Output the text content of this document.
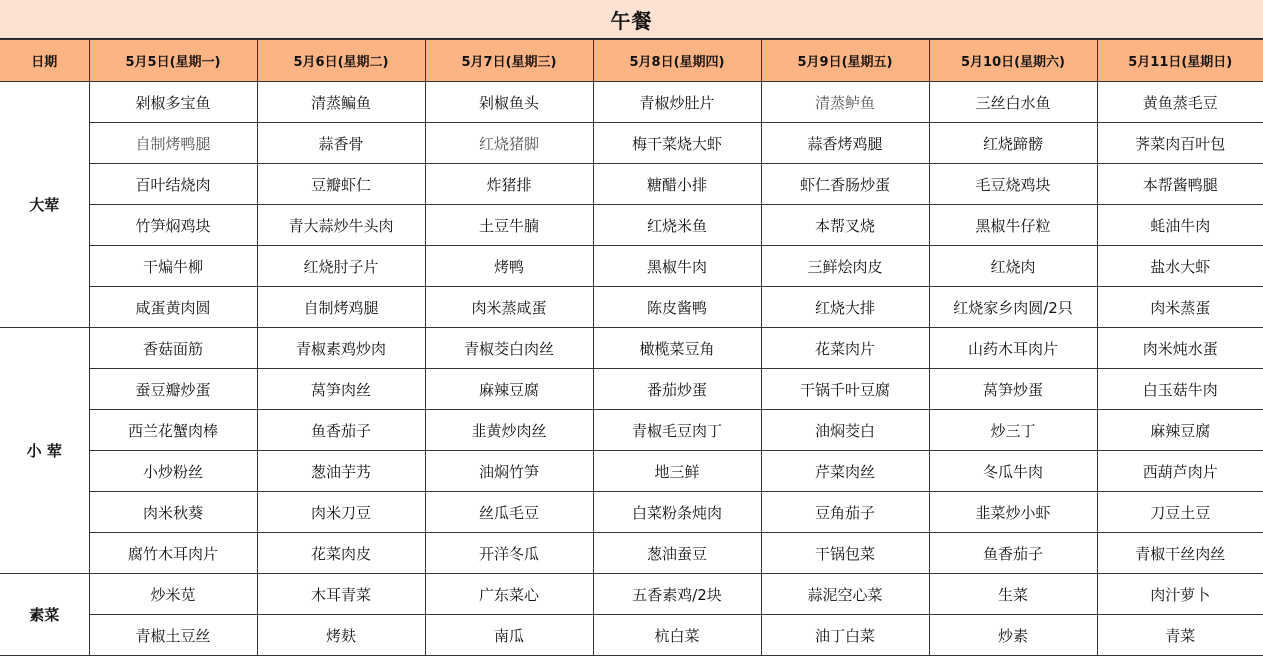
午餐
日期	5月5日(星期一)	5月6日(星期二)	5月7日(星期三)	5月8日(星期四)	5月9日(星期五)	5月10日(星期六)	5月11日(星期日)
大荤	剁椒多宝鱼	清蒸鳊鱼	剁椒鱼头	青椒炒肚片	清蒸鲈鱼	三丝白水鱼	黄鱼蒸毛豆
	自制烤鸭腿	蒜香骨	红烧猪脚	梅干菜烧大虾	蒜香烤鸡腿	红烧蹄髈	荠菜肉百叶包
	百叶结烧肉	豆瓣虾仁	炸猪排	糖醋小排	虾仁香肠炒蛋	毛豆烧鸡块	本帮酱鸭腿
	竹笋焖鸡块	青大蒜炒牛头肉	土豆牛腩	红烧米鱼	本帮叉烧	黑椒牛仔粒	蚝油牛肉
	干煸牛柳	红烧肘子片	烤鸭	黑椒牛肉	三鲜烩肉皮	红烧肉	盐水大虾
	咸蛋黄肉圆	自制烤鸡腿	肉米蒸咸蛋	陈皮酱鸭	红烧大排	红烧家乡肉圆/2只	肉米蒸蛋
小 荤	香菇面筋	青椒素鸡炒肉	青椒茭白肉丝	橄榄菜豆角	花菜肉片	山药木耳肉片	肉米炖水蛋
	蚕豆瓣炒蛋	莴笋肉丝	麻辣豆腐	番茄炒蛋	干锅千叶豆腐	莴笋炒蛋	白玉菇牛肉
	西兰花蟹肉棒	鱼香茄子	韭黄炒肉丝	青椒毛豆肉丁	油焖茭白	炒三丁	麻辣豆腐
	小炒粉丝	葱油芋艿	油焖竹笋	地三鲜	芹菜肉丝	冬瓜牛肉	西葫芦肉片
	肉米秋葵	肉米刀豆	丝瓜毛豆	白菜粉条炖肉	豆角茄子	韭菜炒小虾	刀豆土豆
	腐竹木耳肉片	花菜肉皮	开洋冬瓜	葱油蚕豆	干锅包菜	鱼香茄子	青椒干丝肉丝
素菜	炒米苋	木耳青菜	广东菜心	五香素鸡/2块	蒜泥空心菜	生菜	肉汁萝卜
	青椒土豆丝	烤麸	南瓜	杭白菜	油丁白菜	炒素	青菜
